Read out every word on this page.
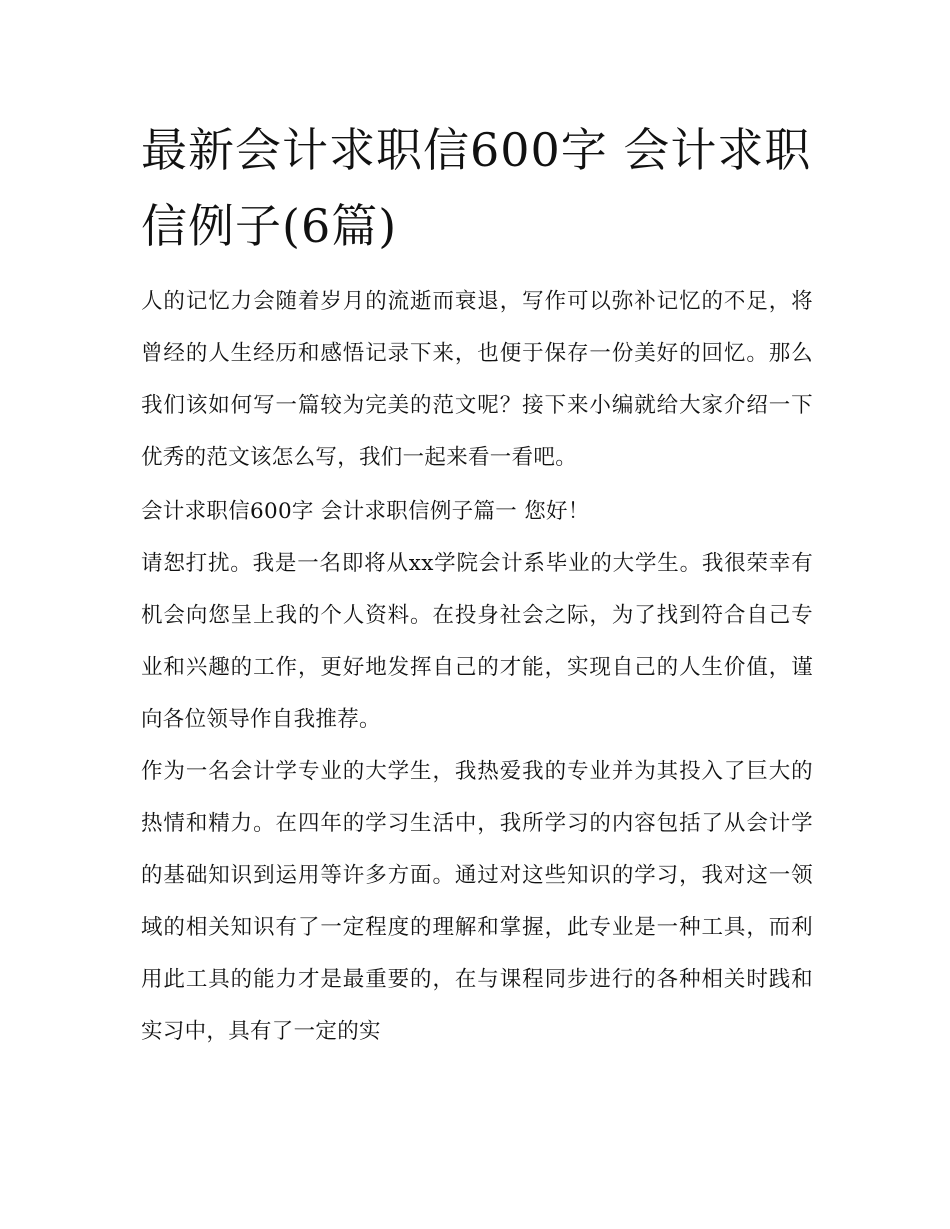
最新会计求职信600字 会计求职信例子(6篇)

人的记忆力会随着岁月的流逝而衰退，写作可以弥补记忆的不足，将曾经的人生经历和感悟记录下来，也便于保存一份美好的回忆。那么我们该如何写一篇较为完美的范文呢？接下来小编就给大家介绍一下优秀的范文该怎么写，我们一起来看一看吧。

会计求职信600字 会计求职信例子篇一 您好！

请恕打扰。我是一名即将从xx学院会计系毕业的大学生。我很荣幸有机会向您呈上我的个人资料。在投身社会之际，为了找到符合自己专业和兴趣的工作，更好地发挥自己的才能，实现自己的人生价值，谨向各位领导作自我推荐。

作为一名会计学专业的大学生，我热爱我的专业并为其投入了巨大的热情和精力。在四年的学习生活中，我所学习的内容包括了从会计学的基础知识到运用等许多方面。通过对这些知识的学习，我对这一领域的相关知识有了一定程度的理解和掌握，此专业是一种工具，而利用此工具的能力才是最重要的，在与课程同步进行的各种相关时践和实习中，具有了一定的实
